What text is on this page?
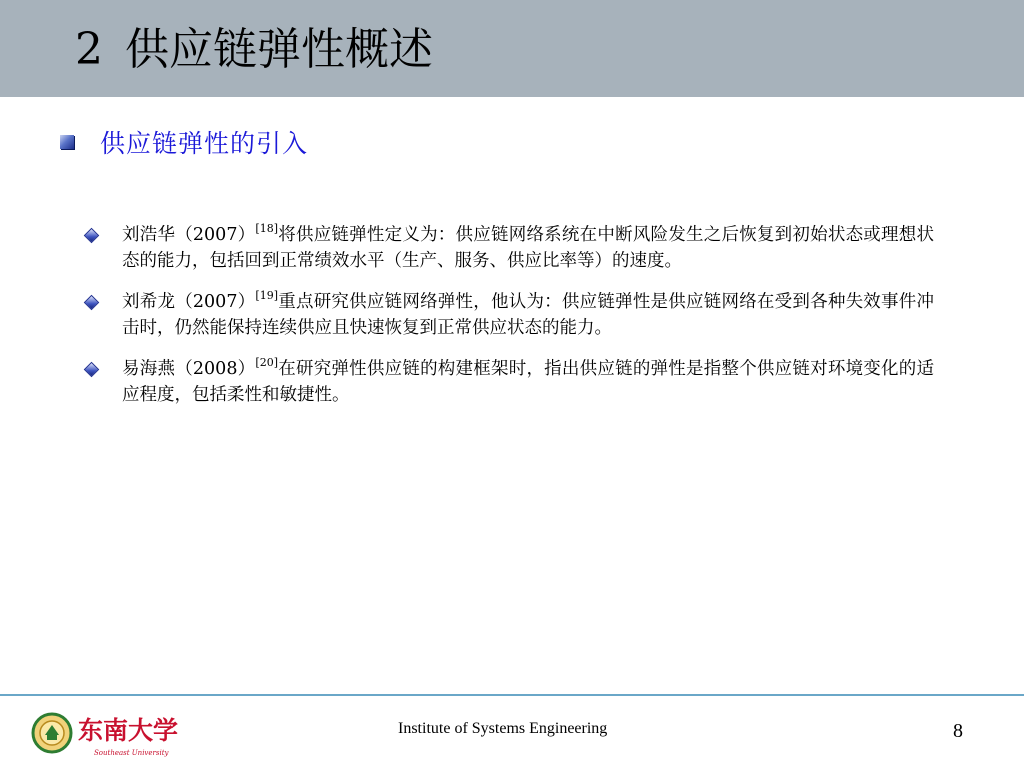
2 供应链弹性概述
供应链弹性的引入
刘浩华（2007）[18]将供应链弹性定义为：供应链网络系统在中断风险发生之后恢复到初始状态或理想状态的能力，包括回到正常绩效水平（生产、服务、供应比率等）的速度。
刘希龙（2007）[19]重点研究供应链网络弹性，他认为：供应链弹性是供应链网络在受到各种失效事件冲击时，仍然能保持连续供应且快速恢复到正常供应状态的能力。
易海燕（2008）[20]在研究弹性供应链的构建框架时，指出供应链的弹性是指整个供应链对环境变化的适应程度，包括柔性和敏捷性。
东南大学
Southeast University
Institute of Systems Engineering	8
